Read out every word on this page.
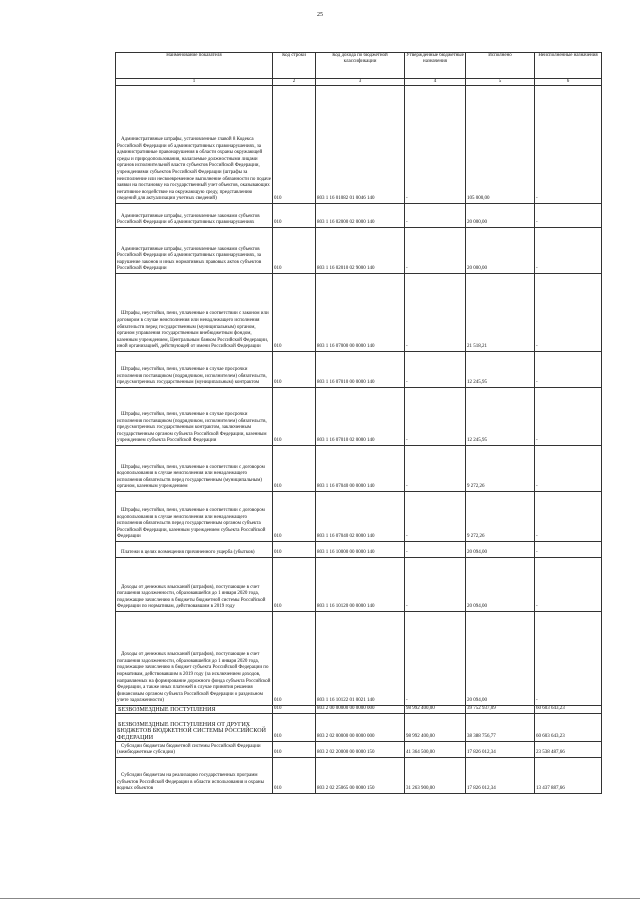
25
Наименование показателя	Код строки	Код дохода по бюджетной классификации	Утвержденные бюджетные назначения	Исполнено	Неисполненные назначения
1	2	3	4	5	6
Административные штрафы, установленные главой 8 Кодекса Российской Федерации об административных правонарушениях, за административные правонарушения в области охраны окружающей среды и природопользования, налагаемые должностными лицами органов исполнительной власти субъектов Российской Федерации, учреждениями субъектов Российской Федерации (штрафы за неисполнение или несвоевременное выполнение обязанности по подаче заявки на постановку на государственный учет объектов, оказывающих негативное воздействие на окружающую среду, представлению сведений для актуализации учетных сведений)	010	803 1 16 01082 01 0046 140	-	105 000,00	-
Административные штрафы, установленные законами субъектов Российской Федерации об административных правонарушениях	010	803 1 16 02000 02 0000 140	-	20 000,00	-
Административные штрафы, установленные законами субъектов Российской Федерации об административных правонарушениях, за нарушение законов и иных нормативных правовых актов субъектов Российской Федерации	010	803 1 16 02010 02 9000 140	-	20 000,00	-
Штрафы, неустойки, пени, уплаченные в соответствии с законом или договором в случае неисполнения или ненадлежащего исполнения обязательств перед государственным (муниципальным) органом, органом управления государственным внебюджетным фондом, казенным учреждением, Центральным банком Российской Федерации, иной организацией, действующей от имени Российской Федерации	010	803 1 16 07000 00 0000 140	-	21 518,21	-
Штрафы, неустойки, пени, уплаченные в случае просрочки исполнения поставщиком (подрядчиком, исполнителем) обязательств, предусмотренных государственным (муниципальным) контрактом	010	803 1 16 07010 00 0000 140	-	12 245,95	-
Штрафы, неустойки, пени, уплаченные в случае просрочки исполнения поставщиком (подрядчиком, исполнителем) обязательств, предусмотренных государственным контрактом, заключенным государственным органом субъекта Российской Федерации, казенным учреждением субъекта Российской Федерации	010	803 1 16 07010 02 0000 140	-	12 245,95	-
Штрафы, неустойки, пени, уплаченные в соответствии с договором водопользования в случае неисполнения или ненадлежащего исполнения обязательств перед государственным (муниципальным) органом, казенным учреждением	010	803 1 16 07040 00 0000 140	-	9 272,26	-
Штрафы, неустойки, пени, уплаченные в соответствии с договором водопользования в случае неисполнения или ненадлежащего исполнения обязательств перед государственным органом субъекта Российской Федерации, казенным учреждением субъекта Российской Федерации	010	803 1 16 07040 02 0000 140	-	9 272,26	-
Платежи в целях возмещения причиненного ущерба (убытков)	010	803 1 16 10000 00 0000 140	-	20 094,00	-
Доходы от денежных взысканий (штрафов), поступающие в счет погашения задолженности, образовавшейся до 1 января 2020 года, подлежащие зачислению в бюджеты бюджетной системы Российской Федерации по нормативам, действовавшим в 2019 году	010	803 1 16 10120 00 0000 140	-	20 094,00	-
Доходы от денежных взысканий (штрафов), поступающие в счет погашения задолженности, образовавшейся до 1 января 2020 года, подлежащие зачислению в бюджет субъекта Российской Федерации по нормативам, действовавшим в 2019 году (за исключением доходов, направляемых на формирование дорожного фонда субъекта Российской Федерации, а также иных платежей в случае принятия решения финансовым органом субъекта Российской Федерации о раздельном учете задолженности)	010	803 1 16 10122 01 0021 140	-	20 094,00	-
БЕЗВОЗМЕЗДНЫЕ ПОСТУПЛЕНИЯ	010	803 2 00 00000 00 0000 000	98 992 400,00	39 752 937,09	60 603 643,23
БЕЗВОЗМЕЗДНЫЕ ПОСТУПЛЕНИЯ ОТ ДРУГИХ БЮДЖЕТОВ БЮДЖЕТНОЙ СИСТЕМЫ РОССИЙСКОЙ ФЕДЕРАЦИИ	010	803 2 02 00000 00 0000 000	98 992 400,00	38 388 756,77	60 603 643,23
Субсидии бюджетам бюджетной системы Российской Федерации (межбюджетные субсидии)	010	803 2 02 20000 00 0000 150	41 364 500,00	17 826 012,34	23 538 487,66
Субсидии бюджетам на реализацию государственных программ субъектов Российской Федерации в области использования и охраны водных объектов	010	803 2 02 25065 00 0000 150	31 263 900,00	17 826 012,34	13 437 887,66
